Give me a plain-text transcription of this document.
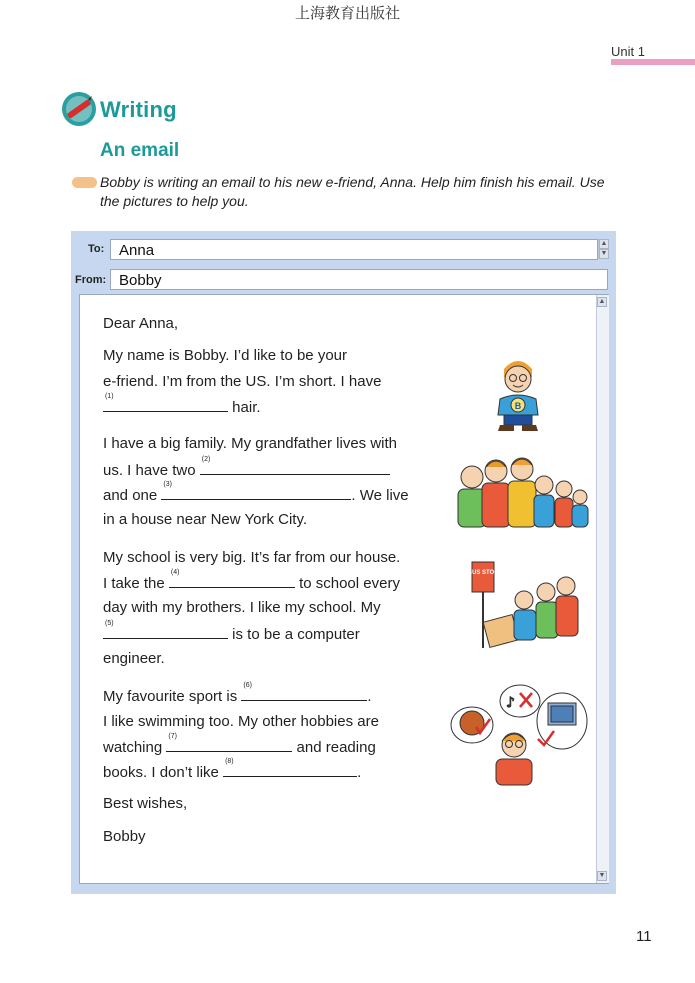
上海教育出版社
Unit 1
Writing
An email
Bobby is writing an email to his new e-friend, Anna. Help him finish his email. Use the pictures to help you.
To: Anna	▲
▼
From: Bobby
▲
▼
Dear Anna,
My name is Bobby. I’d like to be your
e-friend. I’m from the US. I’m short. I have
(1)
hair.
I have a big family. My grandfather lives with
us. I have two
(2)
and one
(3)
. We live
in a house near New York City.
My school is very big. It’s far from our house.
I take the
(4)
to school every
day with my brothers. I like my school. My
(5)
is to be a computer
engineer.
My favourite sport is
(6)
.
I like swimming too. My other hobbies are
watching
(7)
and reading
books. I don’t like
(8)
.
Best wishes,
Bobby
B
BUS STOP
♪
11
